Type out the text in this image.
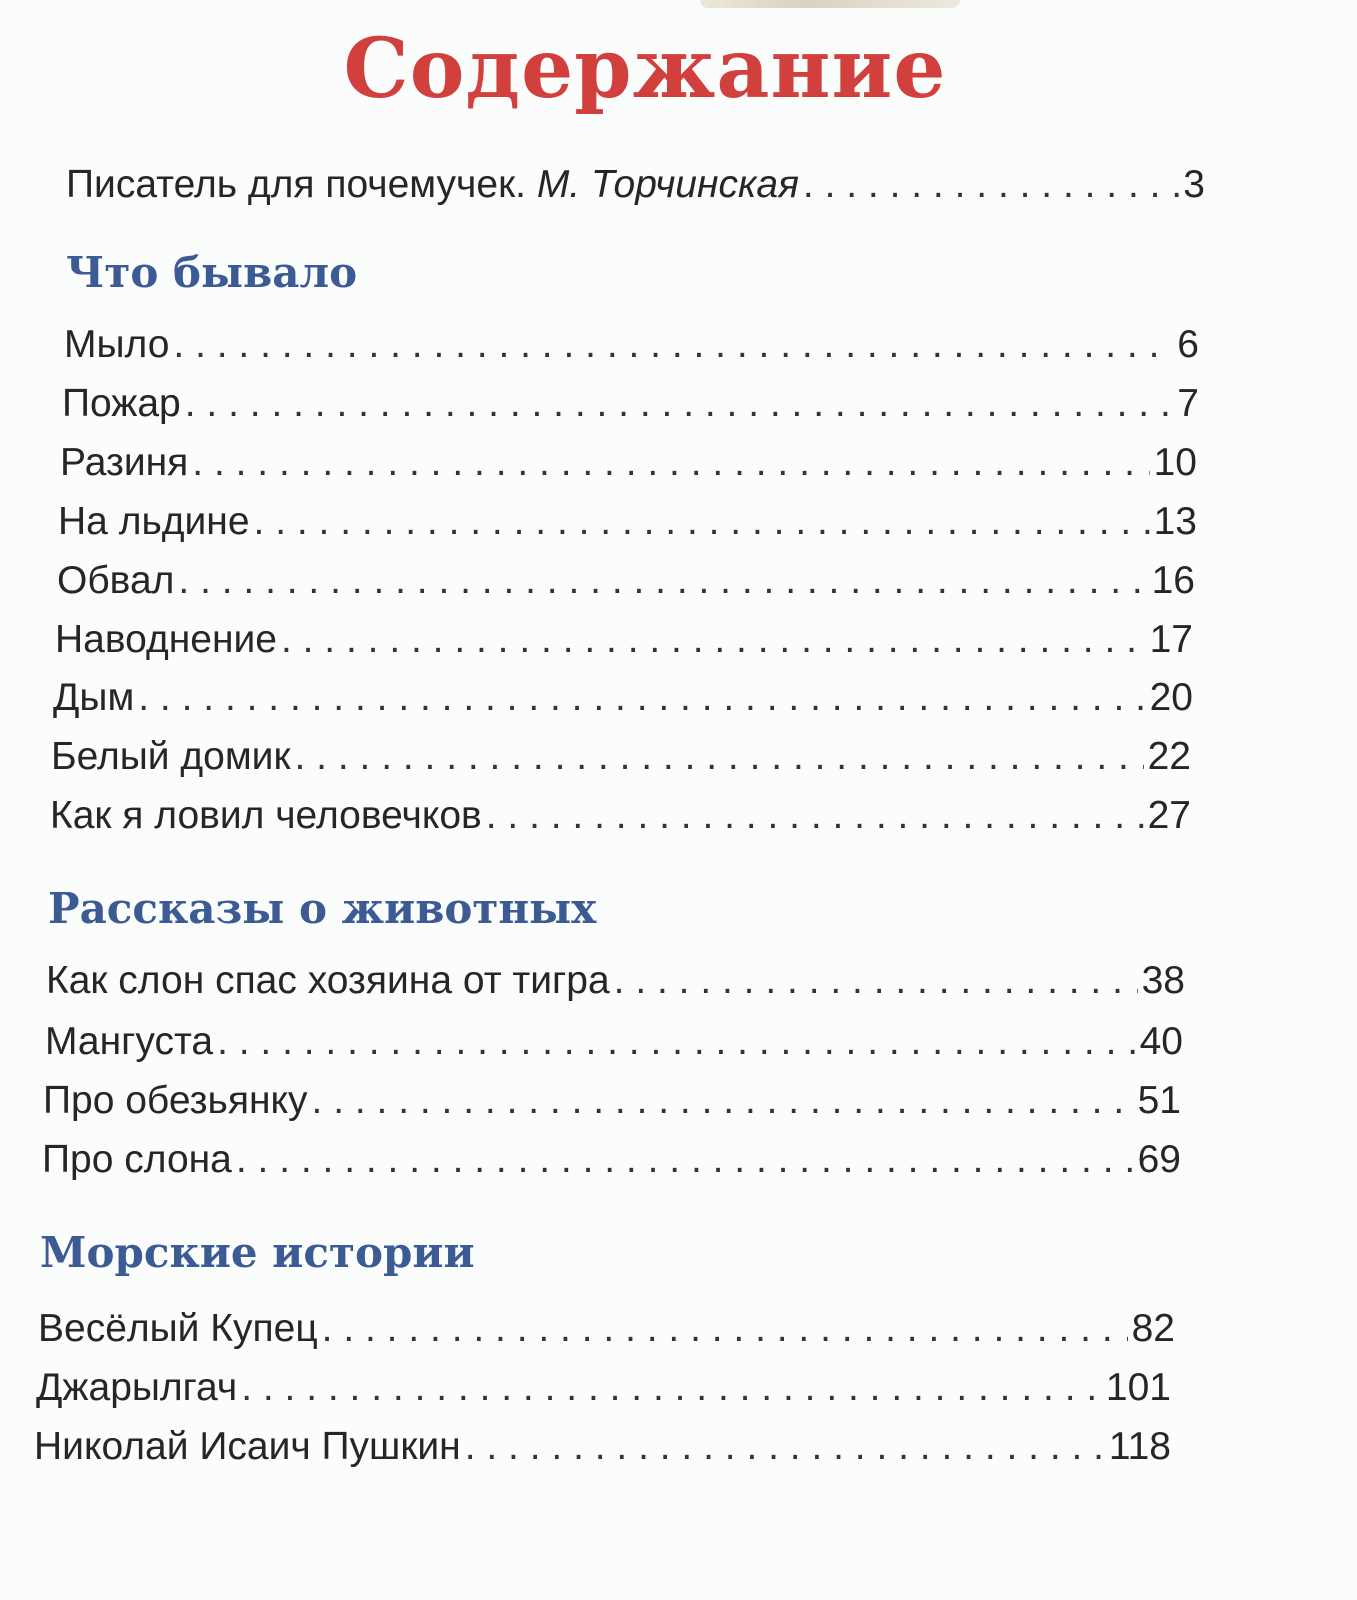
Содержание
Писатель для почемучек. М. Торчинская . . .	3
Что бывало
Мыло . . .	6
Пожар . . .	7
Разиня . . .	10
На льдине . . .	13
Обвал . . .	16
Наводнение . . .	17
Дым . . .	20
Белый домик . . .	22
Как я ловил человечков . . .	27
Рассказы о животных
Как слон спас хозяина от тигра . . .	38
Мангуста . . .	40
Про обезьянку . . .	51
Про слона . . .	69
Морские истории
Весёлый Купец . . .	82
Джарылгач . . .	101
Николай Исаич Пушкин . . .	118
